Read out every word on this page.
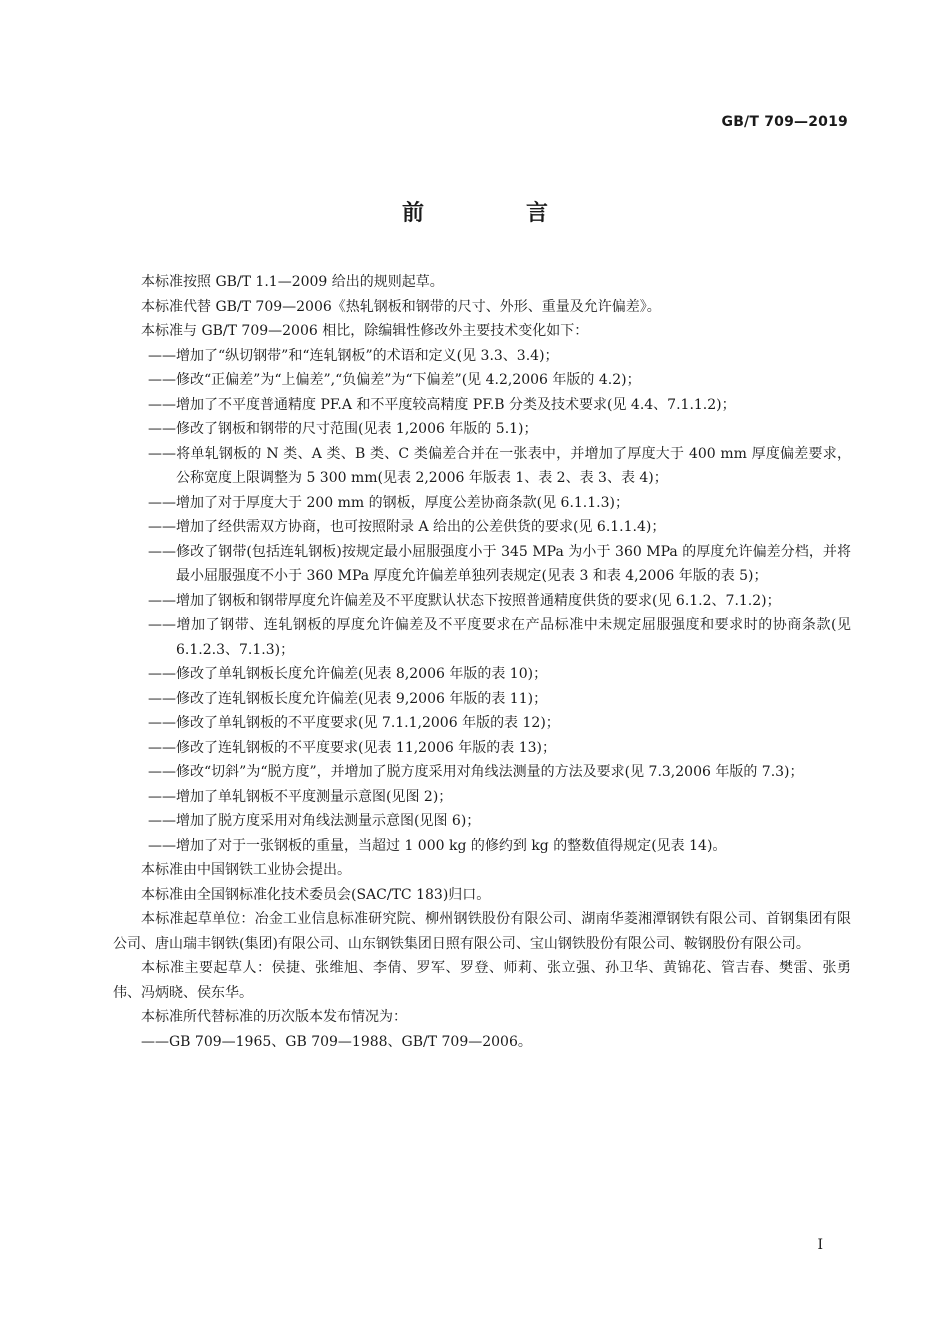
GB/T 709—2019
前　言

本标准按照 GB/T 1.1—2009 给出的规则起草。

本标准代替 GB/T 709—2006《热轧钢板和钢带的尺寸、外形、重量及允许偏差》。

本标准与 GB/T 709—2006 相比，除编辑性修改外主要技术变化如下：

——增加了“纵切钢带”和“连轧钢板”的术语和定义(见 3.3、3.4)；

——修改“正偏差”为“上偏差”,“负偏差”为“下偏差”(见 4.2,2006 年版的 4.2)；

——增加了不平度普通精度 PF.A 和不平度较高精度 PF.B 分类及技术要求(见 4.4、7.1.1.2)；

——修改了钢板和钢带的尺寸范围(见表 1,2006 年版的 5.1)；

——将单轧钢板的 N 类、A 类、B 类、C 类偏差合并在一张表中，并增加了厚度大于 400 mm 厚度偏差要求，公称宽度上限调整为 5 300 mm(见表 2,2006 年版表 1、表 2、表 3、表 4)；

——增加了对于厚度大于 200 mm 的钢板，厚度公差协商条款(见 6.1.1.3)；

——增加了经供需双方协商，也可按照附录 A 给出的公差供货的要求(见 6.1.1.4)；

——修改了钢带(包括连轧钢板)按规定最小屈服强度小于 345 MPa 为小于 360 MPa 的厚度允许偏差分档，并将最小屈服强度不小于 360 MPa 厚度允许偏差单独列表规定(见表 3 和表 4,2006 年版的表 5)；

——增加了钢板和钢带厚度允许偏差及不平度默认状态下按照普通精度供货的要求(见 6.1.2、7.1.2)；

——增加了钢带、连轧钢板的厚度允许偏差及不平度要求在产品标准中未规定屈服强度和要求时的协商条款(见 6.1.2.3、7.1.3)；

——修改了单轧钢板长度允许偏差(见表 8,2006 年版的表 10)；

——修改了连轧钢板长度允许偏差(见表 9,2006 年版的表 11)；

——修改了单轧钢板的不平度要求(见 7.1.1,2006 年版的表 12)；

——修改了连轧钢板的不平度要求(见表 11,2006 年版的表 13)；

——修改“切斜”为“脱方度”，并增加了脱方度采用对角线法测量的方法及要求(见 7.3,2006 年版的 7.3)；

——增加了单轧钢板不平度测量示意图(见图 2)；

——增加了脱方度采用对角线法测量示意图(见图 6)；

——增加了对于一张钢板的重量，当超过 1 000 kg 的修约到 kg 的整数值得规定(见表 14)。

本标准由中国钢铁工业协会提出。

本标准由全国钢标准化技术委员会(SAC/TC 183)归口。

本标准起草单位：冶金工业信息标准研究院、柳州钢铁股份有限公司、湖南华菱湘潭钢铁有限公司、首钢集团有限公司、唐山瑞丰钢铁(集团)有限公司、山东钢铁集团日照有限公司、宝山钢铁股份有限公司、鞍钢股份有限公司。

本标准主要起草人：侯捷、张维旭、李倩、罗军、罗登、师莉、张立强、孙卫华、黄锦花、管吉春、樊雷、张勇伟、冯炳晓、侯东华。

本标准所代替标准的历次版本发布情况为：

——GB 709—1965、GB 709—1988、GB/T 709—2006。

I
